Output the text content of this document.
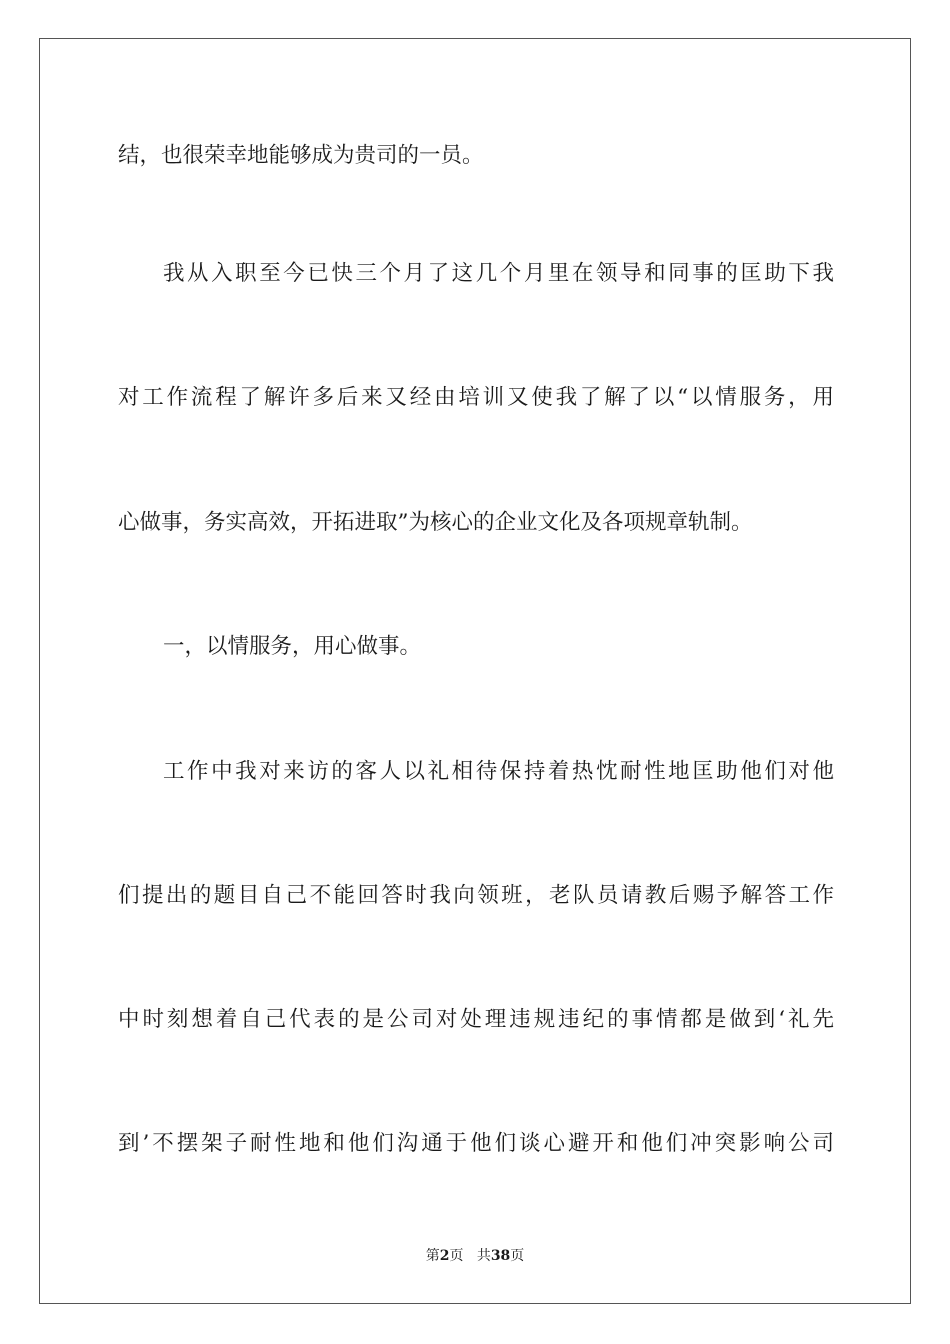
结，也很荣幸地能够成为贵司的一员。
我从入职至今已快三个月了这几个月里在领导和同事的匡助下我
对工作流程了解许多后来又经由培训又使我了解了以“以情服务，用
心做事，务实高效，开拓进取”为核心的企业文化及各项规章轨制。
一，以情服务，用心做事。
工作中我对来访的客人以礼相待保持着热忱耐性地匡助他们对他
们提出的题目自己不能回答时我向领班，老队员请教后赐予解答工作
中时刻想着自己代表的是公司对处理违规违纪的事情都是做到‘礼先
到’不摆架子耐性地和他们沟通于他们谈心避开和他们冲突影响公司
第2页 共38页
